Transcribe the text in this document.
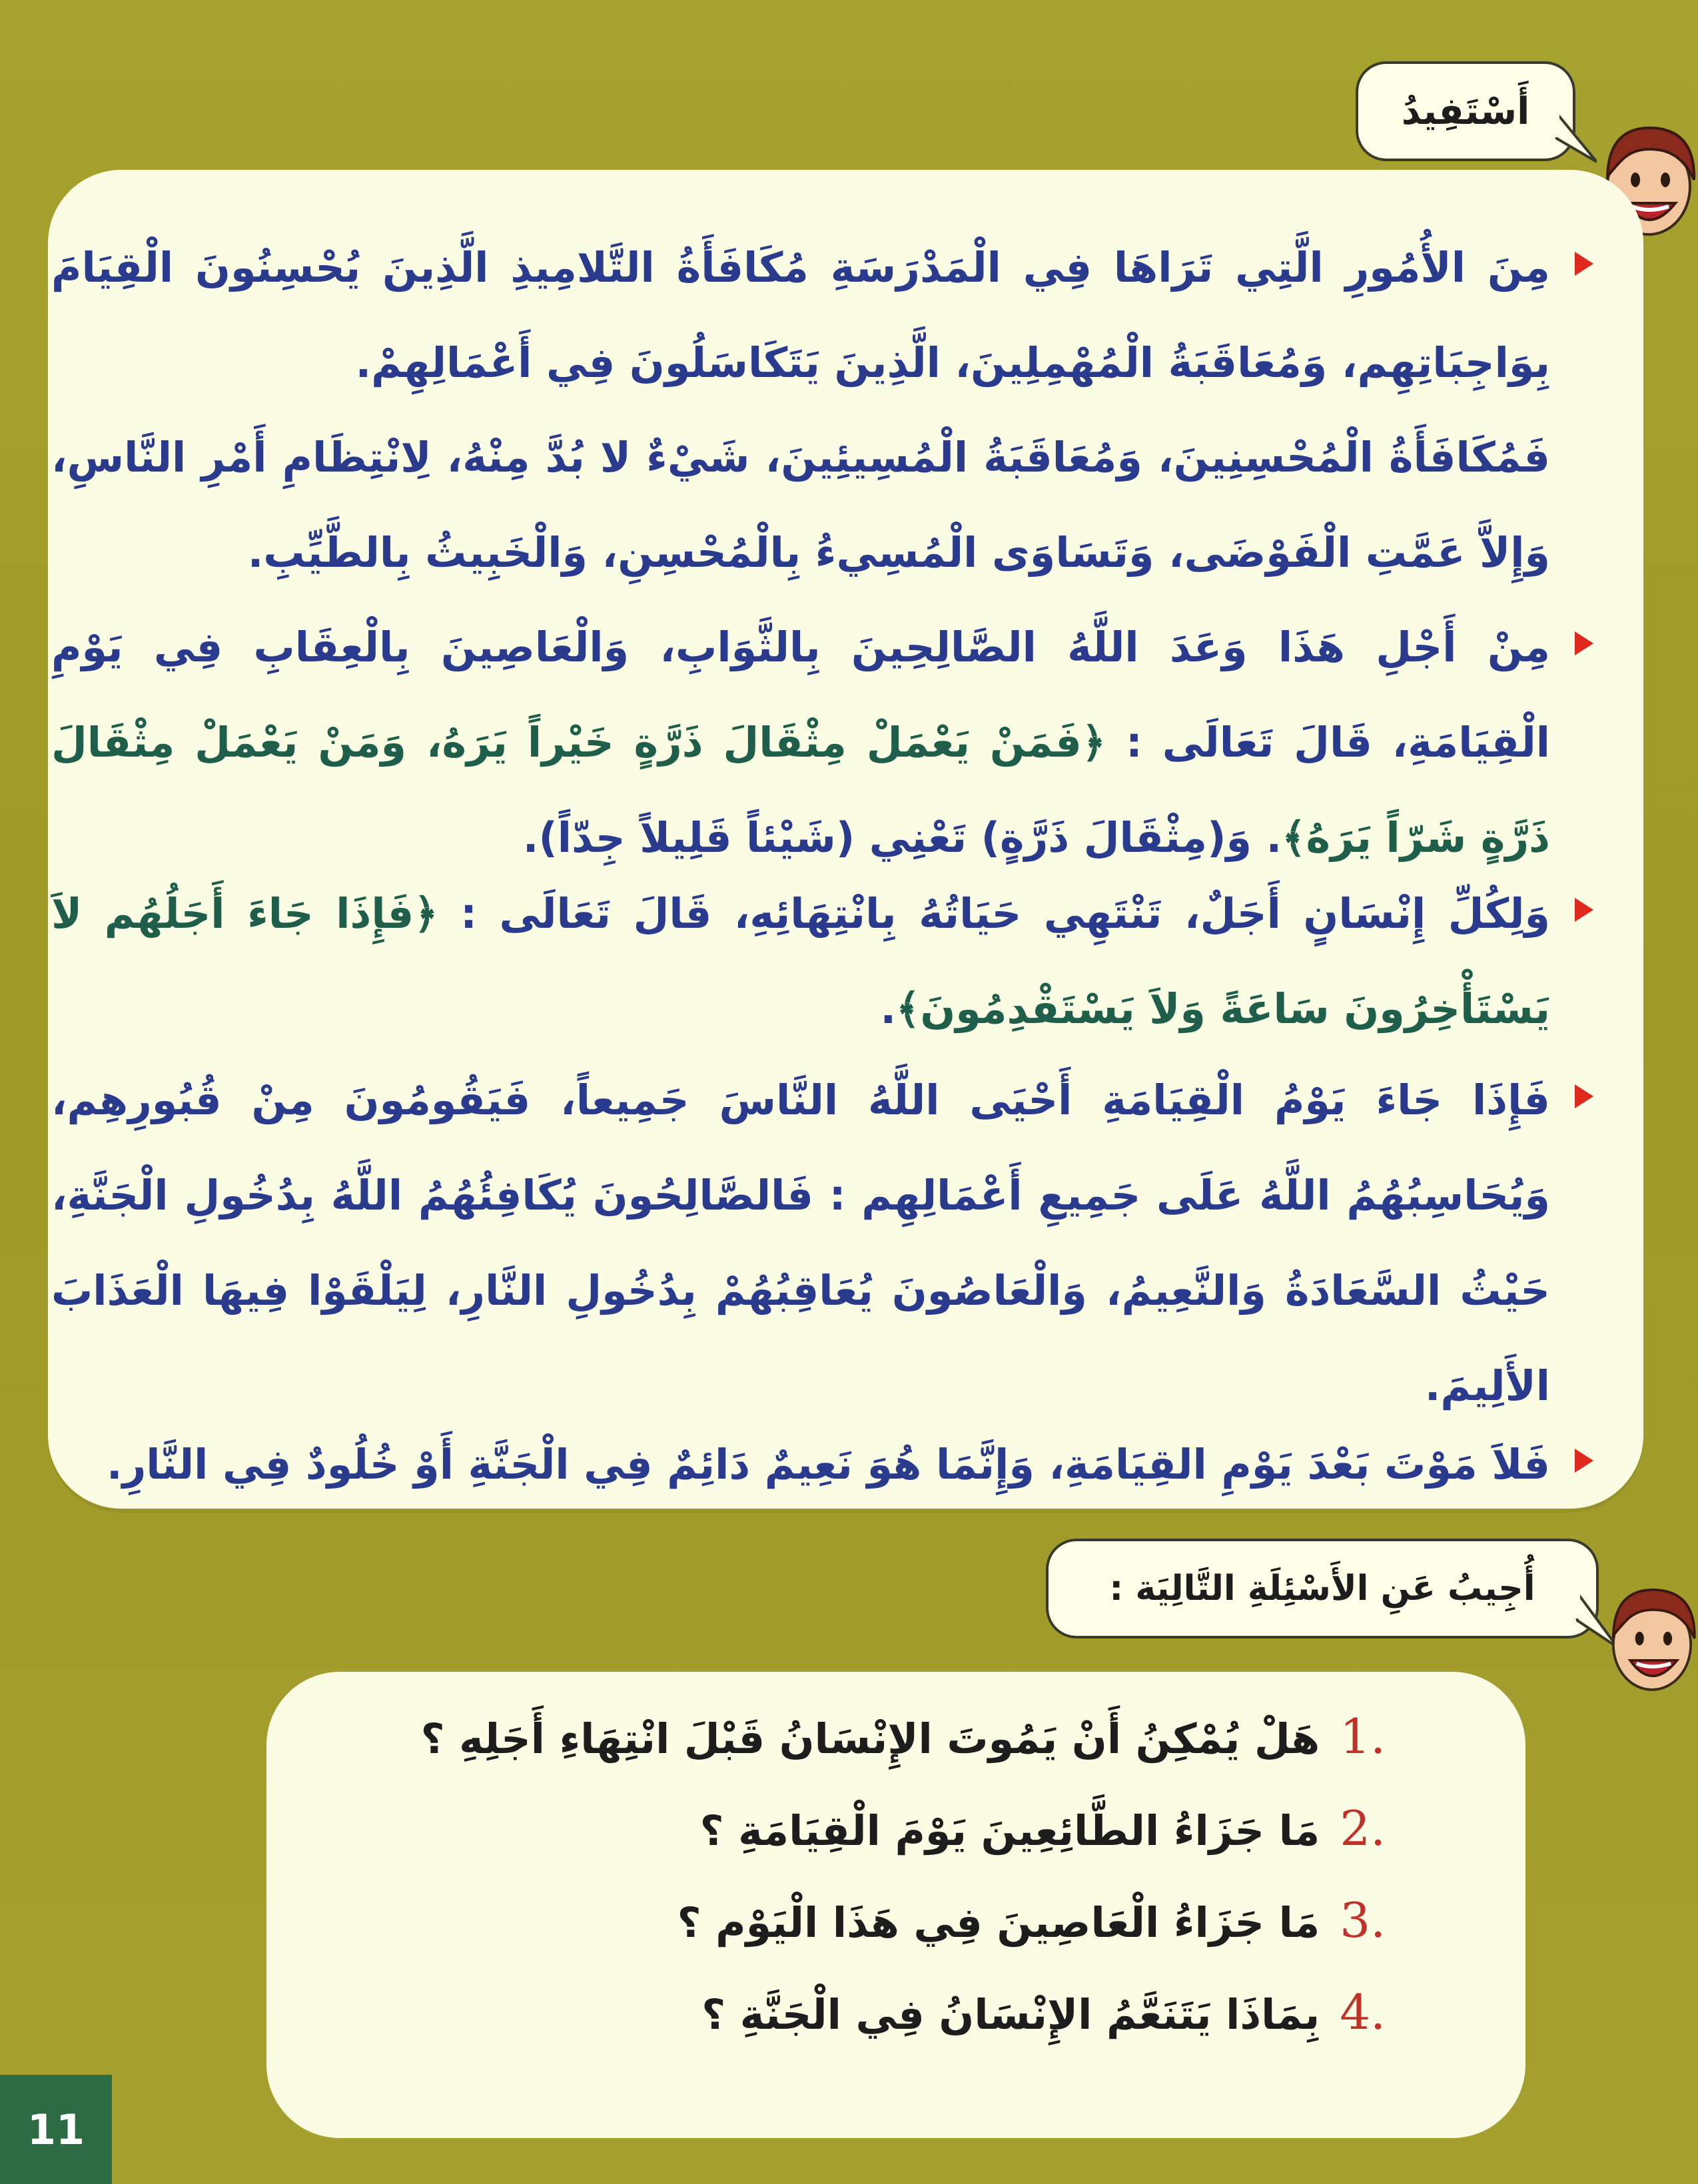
أَسْتَفِيدُ
مِنَ الأُمُورِ الَّتِي تَرَاهَا فِي الْمَدْرَسَةِ مُكَافَأَةُ التَّلامِيذِ الَّذِينَ يُحْسِنُونَ الْقِيَامَ بِوَاجِبَاتِهِم، وَمُعَاقَبَةُ الْمُهْمِلِينَ، الَّذِينَ يَتَكَاسَلُونَ فِي أَعْمَالِهِمْ.
فَمُكَافَأَةُ الْمُحْسِنِينَ، وَمُعَاقَبَةُ الْمُسِيئِينَ، شَيْءٌ لا بُدَّ مِنْهُ، لِانْتِظَامِ أَمْرِ النَّاسِ، وَإِلاَّ عَمَّتِ الْفَوْضَى، وَتَسَاوَى الْمُسِيءُ بِالْمُحْسِنِ، وَالْخَبِيثُ بِالطَّيِّبِ.
مِنْ أَجْلِ هَذَا وَعَدَ اللَّهُ الصَّالِحِينَ بِالثَّوَابِ، وَالْعَاصِينَ بِالْعِقَابِ فِي يَوْمِ الْقِيَامَةِ، قَالَ تَعَالَى : ﴿فَمَنْ يَعْمَلْ مِثْقَالَ ذَرَّةٍ خَيْراً يَرَهُ، وَمَنْ يَعْمَلْ مِثْقَالَ ذَرَّةٍ شَرّاً يَرَهُ﴾. وَ(مِثْقَالَ ذَرَّةٍ) تَعْنِي (شَيْئاً قَلِيلاً جِدّاً).
وَلِكُلِّ إِنْسَانٍ أَجَلٌ، تَنْتَهِي حَيَاتُهُ بِانْتِهَائِهِ، قَالَ تَعَالَى : ﴿فَإِذَا جَاءَ أَجَلُهُم لاَ يَسْتَأْخِرُونَ سَاعَةً وَلاَ يَسْتَقْدِمُونَ﴾.
فَإِذَا جَاءَ يَوْمُ الْقِيَامَةِ أَحْيَى اللَّهُ النَّاسَ جَمِيعاً، فَيَقُومُونَ مِنْ قُبُورِهِم، وَيُحَاسِبُهُمُ اللَّهُ عَلَى جَمِيعِ أَعْمَالِهِم : فَالصَّالِحُونَ يُكَافِئُهُمُ اللَّهُ بِدُخُولِ الْجَنَّةِ، حَيْثُ السَّعَادَةُ وَالنَّعِيمُ، وَالْعَاصُونَ يُعَاقِبُهُمْ بِدُخُولِ النَّارِ، لِيَلْقَوْا فِيهَا الْعَذَابَ الأَلِيمَ.
فَلاَ مَوْتَ بَعْدَ يَوْمِ القِيَامَةِ، وَإِنَّمَا هُوَ نَعِيمٌ دَائِمٌ فِي الْجَنَّةِ أَوْ خُلُودٌ فِي النَّارِ.
أُجِيبُ عَنِ الأَسْئِلَةِ التَّالِيَة :
1.
هَلْ يُمْكِنُ أَنْ يَمُوتَ الإِنْسَانُ قَبْلَ انْتِهَاءِ أَجَلِهِ ؟
2.
مَا جَزَاءُ الطَّائِعِينَ يَوْمَ الْقِيَامَةِ ؟
3.
مَا جَزَاءُ الْعَاصِينَ فِي هَذَا الْيَوْم ؟
4.
بِمَاذَا يَتَنَعَّمُ الإِنْسَانُ فِي الْجَنَّةِ ؟
11
